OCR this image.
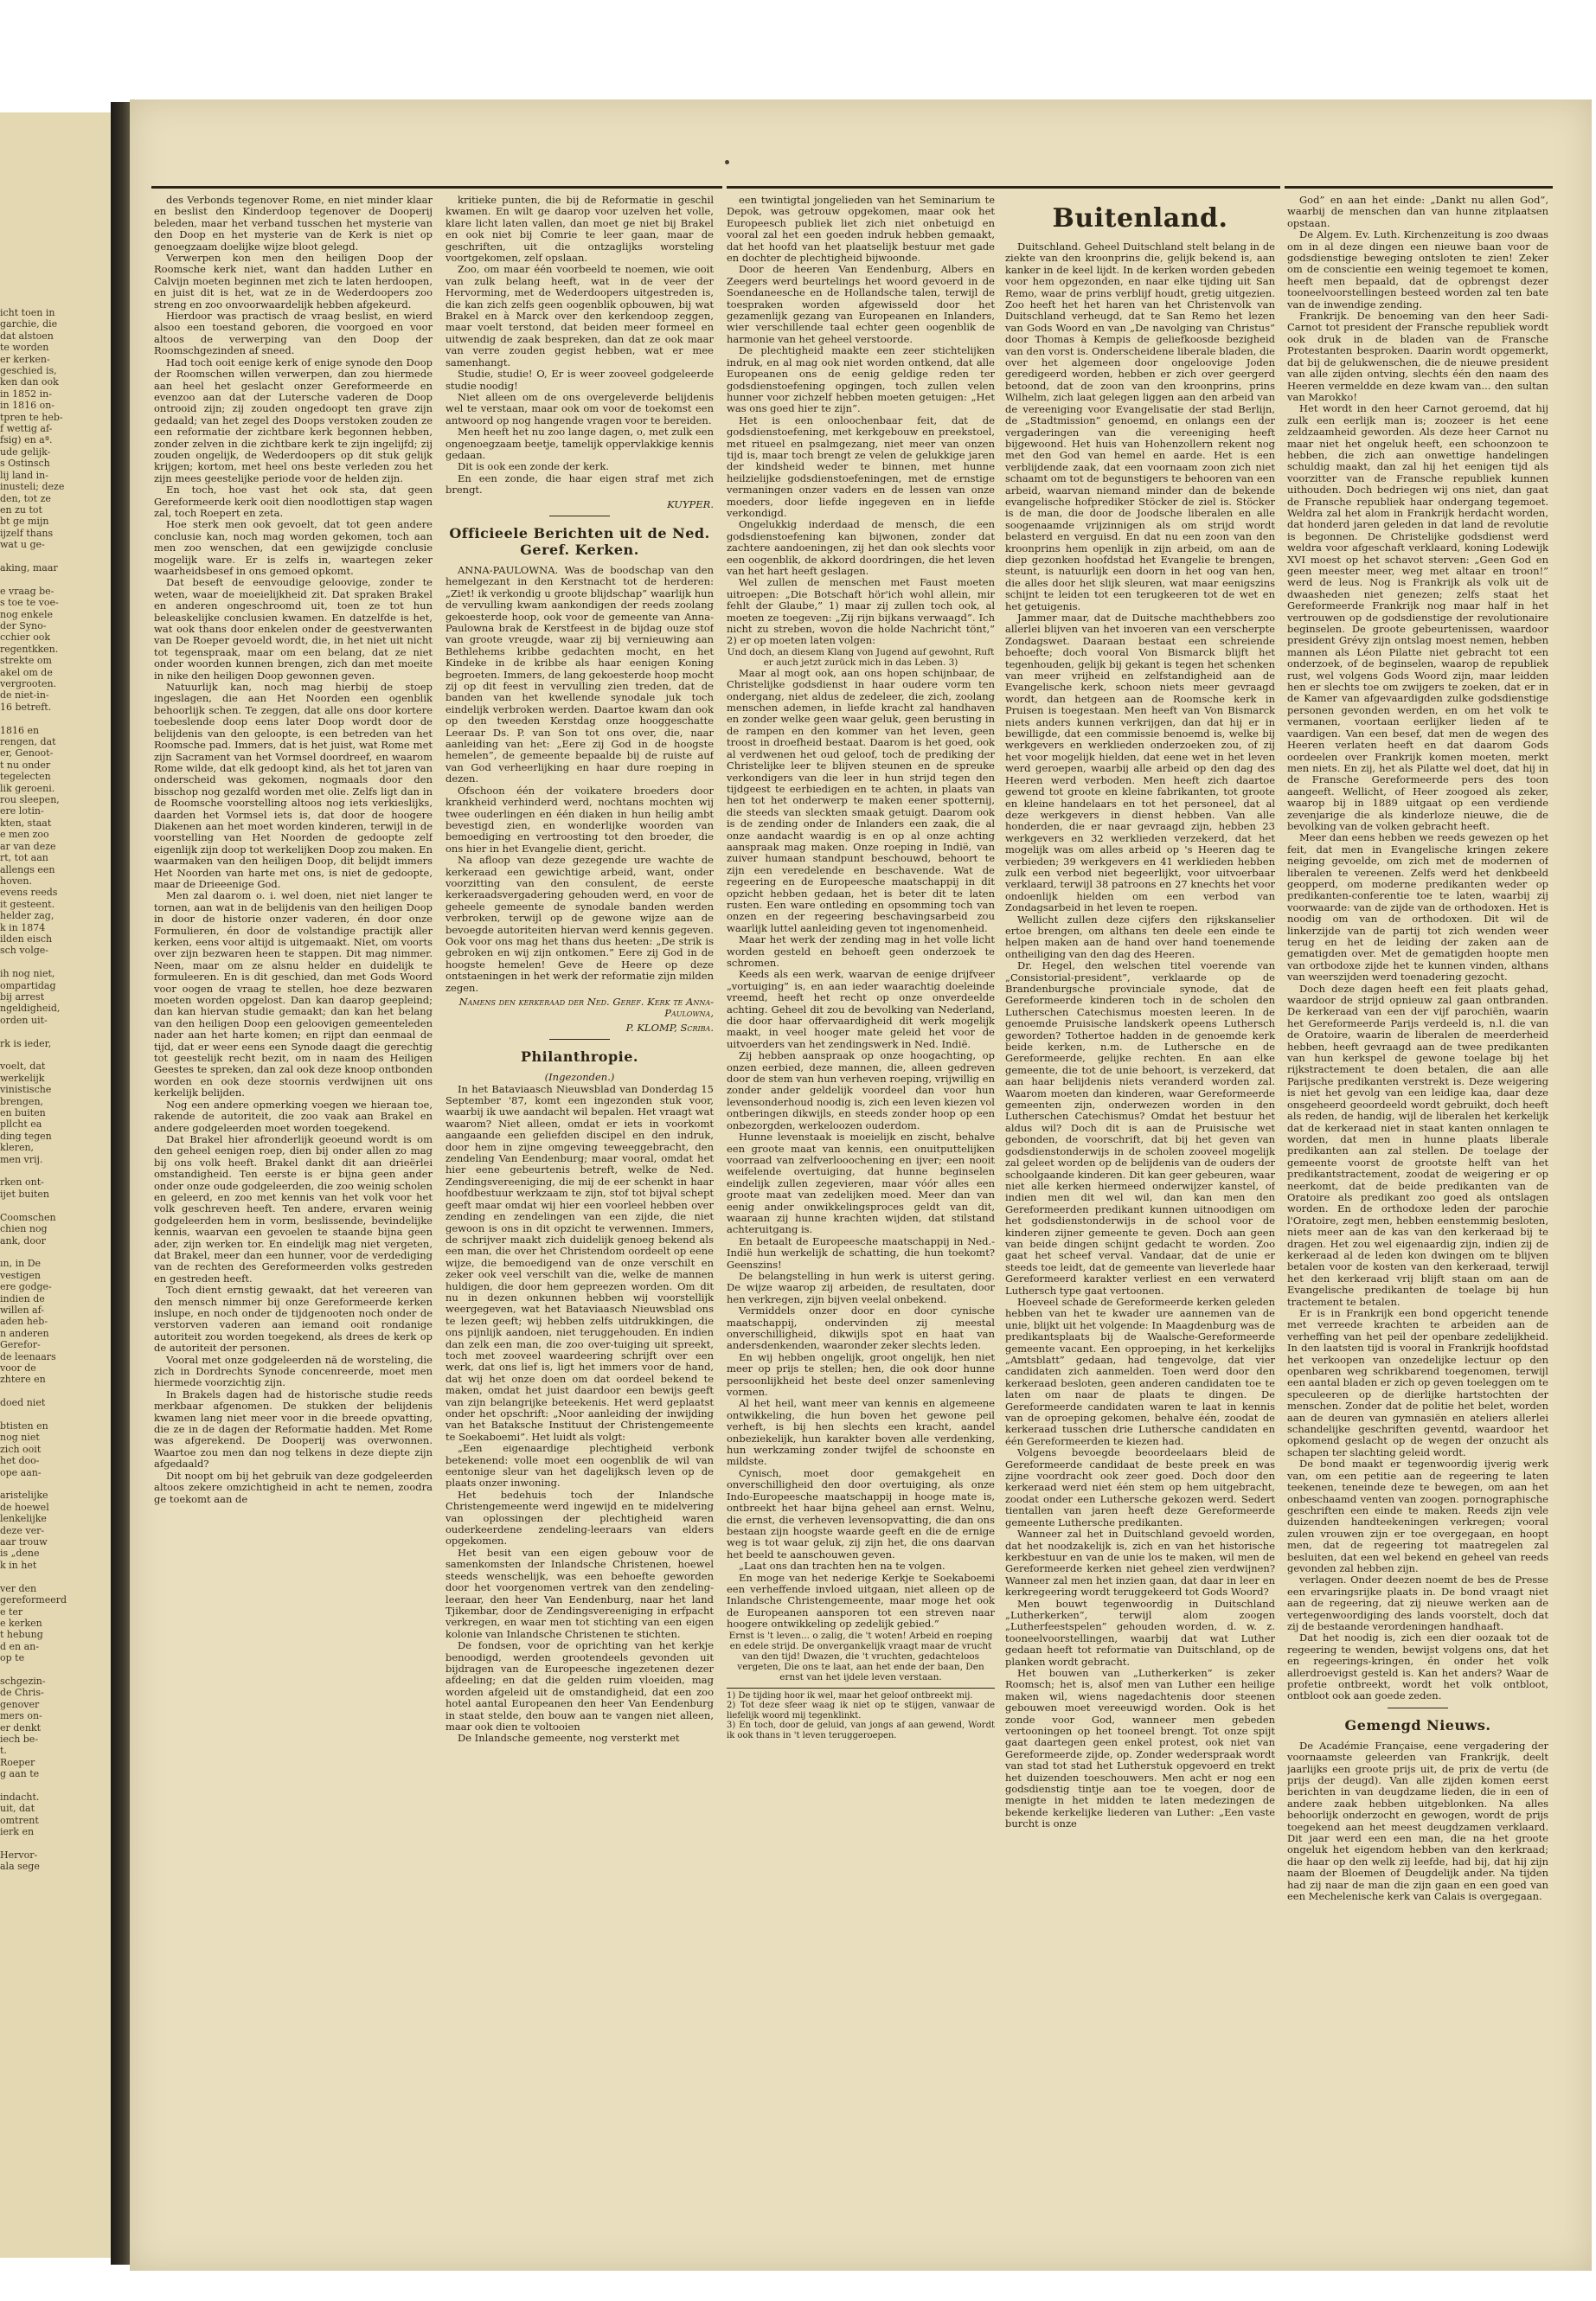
icht toen in
garchie, die
dat alstoen
te worden
er kerken-
geschied is,
ken dan ook
in 1852 in-
in 1816 on-
tpren te heb-
f wettig af-
fsig) en aª.
ude gelijk-
s Ostinsch
lij land in-
inusteli; deze
den, tot ze
en zu tot
bt ge mijn
ijzelf thans
wat u ge-

aking, maar

e vraag be-
s toe te voe-
nog enkele
der Syno-
cchier ook
regentkken.
strekte om
akel om de
vergrooten.
de niet-in-
16 betreft.

1816 en
rengen, dat
er, Genoot-
t nu onder
tegelecten
lik geroeni.
rou sleepen,
ere lotin-
kten, staat
e men zoo
ar van deze
rt, tot aan
allengs een
hoven.
evens reeds
it gesteent.
helder zag,
k in 1874
ilden eisch
sch volge-

ih nog niet,
ompartidag
bij arrest
ngeldigheid,
orden uit-

rk is ieder,

voelt, dat
werkelijk
vinistische
brengen,
en buiten
pllcht ea
ding tegen
kleren,
men vrij.

rken ont-
ijet buiten

Coomschen
chien nog
ank, door

ın, in De
vestigen
ere godge-
indien de
willen af-
aden heb-
n anderen
Gerefor-
de leenaars
voor de
zhtere en

doed niet

btisten en
nog niet
zich ooit
het doo-
ope aan-

aristelijke
de hoewel
lenkelijke
deze ver-
aar trouw
is „dene
k in het

ver den
gereformeerd
e ter
e kerken
t hebung
d en an-
op te

schgezin-
de Chris-
genover
mers on-
er denkt
iech be-
t.
Roeper
g aan te

indacht.
uit, dat
omtrent
ierk en

Hervor-
ala sege

des Verbonds tegenover Rome, en niet minder klaar en beslist den Kinderdoop tegenover de Dooperij beleden, maar het verband tusschen het mysterie van den Doop en het mysterie van de Kerk is niet op genoegzaam doelijke wijze bloot gelegd.

Verwerpen kon men den heiligen Doop der Roomsche kerk niet, want dan hadden Luther en Calvijn moeten beginnen met zich te laten herdoopen, en juist dit is het, wat ze in de Wederdoopers zoo streng en zoo onvoorwaardelijk hebben afgekeurd.

Hierdoor was practisch de vraag beslist, en wierd alsoo een toestand geboren, die voorgoed en voor altoos de verwerping van den Doop der Roomschgezinden af sneed.

Had toch ooit eenige kerk of enige synode den Doop der Roomschen willen verwerpen, dan zou hiermede aan heel het geslacht onzer Gereformeerde en evenzoo aan dat der Lutersche vaderen de Doop ontrooid zijn; zij zouden ongedoopt ten grave zijn gedaald; van het zegel des Doops verstoken zouden ze een reformatie der zichtbare kerk begonnen hebben, zonder zelven in die zichtbare kerk te zijn ingelijfd; zij zouden ongelijk, de Wederdoopers op dit stuk gelijk krijgen; kortom, met heel ons beste verleden zou het zijn mees geestelijke periode voor de helden zijn.

En toch, hoe vast het ook sta, dat geen Gereformeerde kerk ooit dien noodlottigen stap wagen zal, toch Roepert en zeta.

Hoe sterk men ook gevoelt, dat tot geen andere conclusie kan, noch mag worden gekomen, toch aan men zoo wenschen, dat een gewijzigde conclusie mogelijk ware. Er is zelfs in, waartegen zeker waarheidsbesef in ons gemoed opkomt.

Dat beseft de eenvoudige geloovige, zonder te weten, waar de moeielijkheid zit. Dat spraken Brakel en anderen ongeschroomd uit, toen ze tot hun beleaskelijke conclusien kwamen. En datzelfde is het, wat ook thans door enkelen onder de geestverwanten van De Roeper gevoeld wordt, die, in het niet uit nicht tot tegenspraak, maar om een belang, dat ze niet onder woorden kunnen brengen, zich dan met moeite in nike den heiligen Doop gewonnen geven.

Natuurlijk kan, noch mag hierbij de stoep ingeslagen, die aan Het Noorden een ogenblik behoorlijk schen. Te zeggen, dat alle ons door kortere toebeslende doop eens later Doop wordt door de belijdenis van den geloopte, is een betreden van het Roomsche pad. Immers, dat is het juist, wat Rome met zijn Sacrament van het Vormsel doordreef, en waarom Rome wilde, dat elk gedoopt kind, als het tot jaren van onderscheid was gekomen, nogmaals door den bisschop nog gezalfd worden met olie. Zelfs ligt dan in de Roomsche voorstelling altoos nog iets verkieslijks, daarden het Vormsel iets is, dat door de hoogere Diakenen aan het moet worden kinderen, terwijl in de voorstelling van Het Noorden de gedoopte zelf eigenlijk zijn doop tot werkelijken Doop zou maken. En waarmaken van den heiligen Doop, dit belijdt immers Het Noorden van harte met ons, is niet de gedoopte, maar de Drieeenige God.

Men zal daarom o. i. wel doen, niet niet langer te tornen, aan wat in de belijdenis van den heiligen Doop in door de historie onzer vaderen, én door onze Formulieren, én door de volstandige practijk aller kerken, eens voor altijd is uitgemaakt. Niet, om voorts over zijn bezwaren heen te stappen. Dit mag nimmer. Neen, maar om ze alsnu helder en duidelijk te formuleeren. En is dit geschied, dan met Gods Woord voor oogen de vraag te stellen, hoe deze bezwaren moeten worden opgelost. Dan kan daarop geepleind; dan kan hiervan studie gemaakt; dan kan het belang van den heiligen Doop een geloovigen gemeenteleden nader aan het harte komen; en rijpt dan eenmaal de tijd, dat er weer eens een Synode daagt die gerechtig tot geestelijk recht bezit, om in naam des Heiligen Geestes te spreken, dan zal ook deze knoop ontbonden worden en ook deze stoornis verdwijnen uit ons kerkelijk belijden.

Nog een andere opmerking voegen we hieraan toe, rakende de autoriteit, die zoo vaak aan Brakel en andere godgeleerden moet worden toegekend.

Dat Brakel hier afronderlijk geoeund wordt is om den geheel eenigen roep, dien bij onder allen zo mag bij ons volk heeft. Brakel dankt dit aan drieërlei omstandigheid. Ten eerste is er bijna geen ander onder onze oude godgeleerden, die zoo weinig scholen en geleerd, en zoo met kennis van het volk voor het volk geschreven heeft. Ten andere, ervaren weinig godgeleerden hem in vorm, beslissende, bevindelijke kennis, waarvan een gevoelen te staande bijna geen ader, zijn werken tor. En eindelijk mag niet vergeten, dat Brakel, meer dan een hunner, voor de verdediging van de rechten des Gereformeerden volks gestreden en gestreden heeft.

Toch dient ernstig gewaakt, dat het vereeren van den mensch nimmer bij onze Gereformeerde kerken inslupe, en noch onder de tijdgenooten noch onder de verstorven vaderen aan iemand ooit rondanige autoriteit zou worden toegekend, als drees de kerk op de autoriteit der personen.

Vooral met onze godgeleerden nă de worsteling, die zich in Dordrechts Synode concenreerde, moet men hiermede voorzichtig zijn.

In Brakels dagen had de historische studie reeds merkbaar afgenomen. De stukken der belijdenis kwamen lang niet meer voor in die breede opvatting, die ze in de dagen der Reformatie hadden. Met Rome was afgerekend. De Dooperij was overwonnen. Waartoe zou men dan nog telkens in deze diepte zijn afgedaald?

Dit noopt om bij het gebruik van deze godgeleerden altoos zekere omzichtigheid in acht te nemen, zoodra ge toekomt aan de

kritieke punten, die bij de Reformatie in geschil kwamen. En wilt ge daarop voor uzelven het volle, klare licht laten vallen, dan moet ge niet bij Brakel en ook niet bij Comrie te leer gaan, maar de geschriften, uit die ontzaglijks worsteling voortgekomen, zelf opslaan.

Zoo, om maar één voorbeeld te noemen, wie ooit van zulk belang heeft, wat in de veer der Hervorming, met de Wederdoopers uitgestreden is, die kan zich zelfs geen oogenblik opbouwen, bij wat Brakel en à Marck over den kerkendoop zeggen, maar voelt terstond, dat beiden meer formeel en uitwendig de zaak bespreken, dan dat ze ook maar van verre zouden gegist hebben, wat er mee samenhangt.

Studie, studie! O, Er is weer zooveel godgeleerde studie noodig!

Niet alleen om de ons overgeleverde belijdenis wel te verstaan, maar ook om voor de toekomst een antwoord op nog hangende vragen voor te bereiden.

Men heeft het nu zoo lange dagen, o, met zulk een ongenoegzaam beetje, tamelijk oppervlakkige kennis gedaan.

Dit is ook een zonde der kerk.

En een zonde, die haar eigen straf met zich brengt.

KUYPER.

Officieele Berichten uit de Ned. Geref. Kerken.

ANNA-PAULOWNA. Was de boodschap van den hemelgezant in den Kerstnacht tot de herderen: „Ziet! ik verkondig u groote blijdschap” waarlijk hun de vervulling kwam aankondigen der reeds zoolang gekoesterde hoop, ook voor de gemeente van Anna-Paulowna brak de Kerstfeest in de bijdag ouze stof van groote vreugde, waar zij bij vernieuwing aan Bethlehems kribbe gedachten mocht, en het Kindeke in de kribbe als haar eenigen Koning begroeten. Immers, de lang gekoesterde hoop mocht zij op dit feest in vervulling zien treden, dat de banden van het kwellende synodale juk toch eindelijk verbroken werden. Daartoe kwam dan ook op den tweeden Kerstdag onze hooggeschatte Leeraar Ds. P. van Son tot ons over, die, naar aanleiding van het: „Eere zij God in de hoogste hemelen”, de gemeente bepaalde bij de ruiste auf van God verheerlijking en haar dure roeping in dezen.

Ofschoon één der voikatere broeders door krankheid verhinderd werd, nochtans mochten wij twee ouderlingen en één diaken in hun heilig ambt bevestigd zien, en wonderlijke woorden van bemoediging en vertroosting tot den broeder, die ons hier in het Evangelie dient, gericht.

Na afloop van deze gezegende ure wachte de kerkeraad een gewichtige arbeid, want, onder voorzitting van den consulent, de eerste kerkeraadsvergadering gehouden werd, en voor de geheele gemeente de synodale banden werden verbroken, terwijl op de gewone wijze aan de bevoegde autoriteiten hiervan werd kennis gegeven. Ook voor ons mag het thans dus heeten: „De strik is gebroken en wij zijn ontkomen.” Eere zij God in de hoogste hemelen! Geve de Heere op deze ontstaeningen in het werk der reformatie zijn milden zegen.

Namens den kerkeraad der Ned. Geref. Kerk te Anna-Paulowna,

P. KLOMP, Scriba.

Philanthropie.

(Ingezonden.)

In het Bataviaasch Nieuwsblad van Donderdag 15 September '87, komt een ingezonden stuk voor, waarbij ik uwe aandacht wil bepalen. Het vraagt wat waarom? Niet alleen, omdat er iets in voorkomt aangaande een geliefden discipel en den indruk, door hem in zijne omgeving teweeggebracht, den zendeling Van Eendenburg; maar vooral, omdat het hier eene gebeurtenis betreft, welke de Ned. Zendingsvereeniging, die mij de eer schenkt in haar hoofdbestuur werkzaam te zijn, stof tot bijval schept geeft maar omdat wij hier een voorleel hebben over zending en zendelingen van een zijde, die niet gewoon is ons in dit opzicht te verwennen. Immers, de schrijver maakt zich duidelijk genoeg bekend als een man, die over het Christendom oordeelt op eene wijze, die bemoedigend van de onze verschilt en zeker ook veel verschilt van die, welke de mannen huldigen, die door hem gepreezen worden. Om dit nu in dezen onkunnen hebben wij voorstellijk weergegeven, wat het Bataviaasch Nieuwsblad ons te lezen geeft; wij hebben zelfs uitdrukkingen, die ons pijnlijk aandoen, niet teruggehouden. En indien dan zelk een man, die zoo over-tuiging uit spreekt, toch met zooveel waardeering schrijft over een werk, dat ons lief is, ligt het immers voor de hand, dat wij het onze doen om dat oordeel bekend te maken, omdat het juist daardoor een bewijs geeft van zijn belangrijke beteekenis. Het werd geplaatst onder het opschrift: „Noor aanleiding der inwijding van het Bataksche Instituut der Christengemeente te Soekaboemi”. Het luidt als volgt:

„Een eigenaardige plechtigheid verbonk betekenend: volle moet een oogenblik de wil van eentonige sleur van het dagelijksch leven op de plaats onzer inwoning.

Het bedehuis toch der Inlandsche Christengemeente werd ingewijd en te midelvering van oplossingen der plechtigheid waren ouderkeerdene zendeling-leeraars van elders opgekomen.

Het besit van een eigen gebouw voor de samenkomsten der Inlandsche Christenen, hoewel steeds wenschelijk, was een behoefte geworden door het voorgenomen vertrek van den zendeling-leeraar, den heer Van Eendenburg, naar het land Tjikembar, door de Zendingsvereeniging in erfpacht verkregen, en waar men tot stichting van een eigen kolonie van Inlandsche Christenen te stichten.

De fondsen, voor de oprichting van het kerkje benoodigd, werden grootendeels gevonden uit bijdragen van de Europeesche ingezetenen dezer afdeeling; en dat die gelden ruim vloeiden, mag worden afgeleid uit de omstandigheid, dat een zoo hotel aantal Europeanen den heer Van Eendenburg in staat stelde, den bouw aan te vangen niet alleen, maar ook dien te voltooien

De Inlandsche gemeente, nog versterkt met

een twintigtal jongelieden van het Seminarium te Depok, was getrouw opgekomen, maar ook het Europeesch publiek liet zich niet onbetuigd en vooral zal het een goeden indruk hebben gemaakt, dat het hoofd van het plaatselijk bestuur met gade en dochter de plechtigheid bijwoonde.

Door de heeren Van Eendenburg, Albers en Zeegers werd beurtelings het woord gevoerd in de Soendaneesche en de Hollandsche talen, terwijl de toespraken worden afgewisseld door het gezamenlijk gezang van Europeanen en Inlanders, wier verschillende taal echter geen oogenblik de harmonie van het geheel verstoorde.

De plechtigheid maakte een zeer stichtelijken indruk, en al mag ook niet worden ontkend, dat alle Europeanen ons de eenig geldige reden ter godsdienstoefening opgingen, toch zullen velen hunner voor zichzelf hebben moeten getuigen: „Het was ons goed hier te zijn”.

Het is een onloochenbaar feit, dat de godsdienstoefening, met kerkgebouw en preekstoel, met ritueel en psalmgezang, niet meer van onzen tijd is, maar toch brengt ze velen de gelukkige jaren der kindsheid weder te binnen, met hunne heilzielijke godsdienstoefeningen, met de ernstige vermaningen onzer vaders en de lessen van onze moeders, door liefde ingegeven en in liefde verkondigd.

Ongelukkig inderdaad de mensch, die een godsdienstoefening kan bijwonen, zonder dat zachtere aandoeningen, zij het dan ook slechts voor een oogenblik, de akkord doordringen, die het leven van het hart heeft geslagen.

Wel zullen de menschen met Faust moeten uitroepen: „Die Botschaft hör'ich wohl allein, mir fehlt der Glaube,” 1) maar zij zullen toch ook, al moeten ze toegeven: „Zij rijn bijkans verwaagd”. Ich nicht zu streben, wovon die holde Nachricht tönt,” 2) er op moeten laten volgen:

Und doch, an diesem Klang von Jugend auf gewohnt, Ruft er auch jetzt zurück mich in das Leben. 3)

Maar al mogt ook, aan ons hopen schijnbaar, de Christelijke godsdienst in haar oudere vorm ten ondergang, niet aldus de zedeleer, die zich, zoolang menschen ademen, in liefde kracht zal handhaven en zonder welke geen waar geluk, geen berusting in de rampen en den kommer van het leven, geen troost in droefheid bestaat. Daarom is het goed, ook al verdwenen het oud geloof, toch de prediking der Christelijke leer te blijven steunen en de spreuke verkondigers van die leer in hun strijd tegen den tijdgeest te eerbiedigen en te achten, in plaats van hen tot het onderwerp te maken eener spotternij, die steeds van sleckten smaak getuigt. Daarom ook is de zending onder de Inlanders een zaak, die al onze aandacht waardig is en op al onze achting aanspraak mag maken. Onze roeping in Indië, van zuiver humaan standpunt beschouwd, behoort te zijn een veredelende en beschavende. Wat de regeering en de Europeesche maatschappij in dit opzicht hebben gedaan, het is beter dit te laten rusten. Een ware ontleding en opsomming toch van onzen en der regeering beschavingsarbeid zou waarlijk luttel aanleiding geven tot ingenomenheid.

Maar het werk der zending mag in het volle licht worden gesteld en behoeft geen onderzoek te schromen.

Keeds als een werk, waarvan de eenige drijfveer „vortuiging” is, en aan ieder waarachtig doeleinde vreemd, heeft het recht op onze onverdeelde achting. Geheel dit zou de bevolking van Nederland, die door haar offervaardigheid dit werk mogelijk maakt, in veel hooger mate geleid het voor de uitvoerders van het zendingswerk in Ned. Indië.

Zij hebben aanspraak op onze hoogachting, op onzen eerbied, deze mannen, die, alleen gedreven door de stem van hun verheven roeping, vrijwillig en zonder ander geldelijk voordeel dan voor hun levensonderhoud noodig is, zich een leven kiezen vol ontberingen dikwijls, en steeds zonder hoop op een onbezorgden, werkeloozen ouderdom.

Hunne levenstaak is moeielijk en zischt, behalve een groote maat van kennis, een onuitputtelijken voorraad van zelfverlooochening en ijver; een nooit weifelende overtuiging, dat hunne beginselen eindelijk zullen zegevieren, maar vóór alles een groote maat van zedelijken moed. Meer dan van eenig ander onwikkelingsproces geldt van dit, waaraan zij hunne krachten wijden, dat stilstand achteruitgang is.

En betaalt de Europeesche maatschappij in Ned.-Indië hun werkelijk de schatting, die hun toekomt? Geenszins!

De belangstelling in hun werk is uiterst gering. De wijze waarop zij arbeiden, de resultaten, door hen verkregen, zijn bijven veelal onbekend.

Vermiddels onzer door en door cynische maatschappij, ondervinden zij meestal onverschilligheid, dikwijls spot en haat van andersdenkenden, waaronder zeker slechts leden.

En wij hebben ongelijk, groot ongelijk, hen niet meer op prijs te stellen; hen, die ook door hunne persoonlijkheid het beste deel onzer samenleving vormen.

Al het heil, want meer van kennis en algemeene ontwikkeling, die hun boven het gewone peil verheft, is bij hen slechts een kracht, aandel onbeziekelijk, hun karakter boven alle verdenking, hun werkzaming zonder twijfel de schoonste en mildste.

Cynisch, moet door gemakgeheit en onverschilligheid den door overtuiging, als onze Indo-Europeesche maatschappij in hooge mate is, ontbreekt het haar bijna geheel aan ernst. Welnu, die ernst, die verheven levensopvatting, die dan ons bestaan zijn hoogste waarde geeft en die de ernige weg is tot waar geluk, zij zijn het, die ons daarvan het beeld te aanschouwen geven.

„Laat ons dan trachten hen na te volgen.

En moge van het nederige Kerkje te Soekaboemi een verheffende invloed uitgaan, niet alleen op de Inlandsche Christengemeente, maar moge het ook de Europeanen aansporen tot een streven naar hoogere ontwikkeling op zedelijk gebied.”

Ernst is 't leven... o zalig, die 't woten! Arbeid en roeping en edele strijd. De onvergankelijk vraagt maar de vrucht van den tijd! Dwazen, die 't vruchten, gedachteloos vergeten, Die ons te laat, aan het ende der baan, Den ernst van het ijdele leven verstaan.

1) De tijding hoor ik wel, maar het geloof ontbreekt mij.
2) Tot deze sfeer waag ik niet op te stijgen, vanwaar de liefelijk woord mij tegenklinkt.
3) En toch, door de geluid, van jongs af aan gewend, Wordt ik ook thans in 't leven teruggeroepen.
Buitenland.

Duitschland. Geheel Duitschland stelt belang in de ziekte van den kroonprins die, gelijk bekend is, aan kanker in de keel lijdt. In de kerken worden gebeden voor hem opgezonden, en naar elke tijding uit San Remo, waar de prins verblijf houdt, gretig uitgezien. Zoo heeft het het haren van het Christenvolk van Duitschland verheugd, dat te San Remo het lezen van Gods Woord en van „De navolging van Christus” door Thomas à Kempis de geliefkoosde bezigheid van den vorst is. Onderscheidene liberale bladen, die over het algemeen door ongeloovige Joden geredigeerd worden, hebben er zich over geergerd betoond, dat de zoon van den kroonprins, prins Wilhelm, zich laat gelegen liggen aan den arbeid van de vereeniging voor Evangelisatie der stad Berlijn, de „Stadtmission” genoemd, en onlangs een der vergaderingen van die vereeniging heeft bijgewoond. Het huis van Hohenzollern rekent nog met den God van hemel en aarde. Het is een verblijdende zaak, dat een voornaam zoon zich niet schaamt om tot de begunstigers te behooren van een arbeid, waarvan niemand minder dan de bekende evangelische hofprediker Stöcker de ziel is. Stöcker is de man, die door de Joodsche liberalen en alle soogenaamde vrijzinnigen als om strijd wordt belasterd en verguisd. En dat nu een zoon van den kroonprins hem openlijk in zijn arbeid, om aan de diep gezonken hoofdstad het Evangelie te brengen, steunt, is natuurlijk een doorn in het oog van hen, die alles door het slijk sleuren, wat maar eenigszins schijnt te leiden tot een terugkeeren tot de wet en het getuigenis.

Jammer maar, dat de Duitsche machthebbers zoo allerlei blijven van het invoeren van een verscherpte Zondagswet. Daaraan bestaat een schreiende behoefte; doch vooral Von Bismarck blijft het tegenhouden, gelijk bij gekant is tegen het schenken van meer vrijheid en zelfstandigheid aan de Evangelische kerk, schoon niets meer gevraagd wordt, dan hetgeen aan de Roomsche kerk in Pruisen is toegestaan. Men heeft van Von Bismarck niets anders kunnen verkrijgen, dan dat hij er in bewilligde, dat een commissie benoemd is, welke bij werkgevers en werklieden onderzoeken zou, of zij het voor mogelijk hielden, dat eene wet in het leven werd geroepen, waarbij alle arbeid op den dag des Heeren werd verboden. Men heeft zich daartoe gewend tot groote en kleine fabrikanten, tot groote en kleine handelaars en tot het personeel, dat al deze werkgevers in dienst hebben. Van alle honderden, die er naar gevraagd zijn, hebben 23 werkgevers en 32 werklieden verzekerd, dat het mogelijk was om alles arbeid op 's Heeren dag te verbieden; 39 werkgevers en 41 werklieden hebben zulk een verbod niet begeerlijkt, voor uitvoerbaar verklaard, terwijl 38 patroons en 27 knechts het voor ondoenlijk hielden om een verbod van Zondagsarbeid in het leven te roepen.

Wellicht zullen deze cijfers den rijkskanselier ertoe brengen, om althans ten deele een einde te helpen maken aan de hand over hand toenemende ontheiliging van den dag des Heeren.

Dr. Hegel, den welschen titel voerende van „Consistorial-president”, verklaarde op de Brandenburgsche provinciale synode, dat de Gereformeerde kinderen toch in de scholen den Lutherschen Catechismus moesten leeren. In de genoemde Pruisische landskerk opeens Luthersch geworden? Tothertoe hadden in de genoemde kerk beide kerken, n.m. de Luthersche en de Gereformeerde, gelijke rechten. En aan elke gemeente, die tot de unie behoort, is verzekerd, dat aan haar belijdenis niets veranderd worden zal. Waarom moeten dan kinderen, waar Gereformeerde gemeenten zijn, onderwezen worden in den Lutherschen Catechismus? Omdat het bestuur het aldus wil? Doch dit is aan de Pruisische wet gebonden, de voorschrift, dat bij het geven van godsdienstonderwijs in de scholen zooveel mogelijk zal geleet worden op de belijdenis van de ouders der schoolgaande kinderen. Dit kan geer gebeuren, waar niet alle kerken hiermeed onderwijzer kanstel, of indien men dit wel wil, dan kan men den Gereformeerden predikant kunnen uitnoodigen om het godsdienstonderwijs in de school voor de kinderen zijner gemeente te geven. Doch aan geen van beide dingen schijnt gedacht te worden. Zoo gaat het scheef verval. Vandaar, dat de unie er steeds toe leidt, dat de gemeente van lieverlede haar Gereformeerd karakter verliest en een verwaterd Luthersch type gaat vertoonen.

Hoeveel schade de Gereformeerde kerken geleden hebben van het te kwader ure aannemen van de unie, blijkt uit het volgende: In Maagdenburg was de predikantsplaats bij de Waalsche-Gereformeerde gemeente vacant. Een opproeping, in het kerkelijks „Amtsblatt” gedaan, had tengevolge, dat vier candidaten zich aanmelden. Toen werd door den kerkeraad besloten, geen anderen candidaten toe te laten om naar de plaats te dingen. De Gereformeerde candidaten waren te laat in kennis van de oproeping gekomen, behalve één, zoodat de kerkeraad tusschen drie Luthersche candidaten en één Gereformeerden te kiezen had.

Volgens bevoegde beoordeelaars bleid de Gereformeerde candidaat de beste preek en was zijne voordracht ook zeer goed. Doch door den kerkeraad werd niet één stem op hem uitgebracht, zoodat onder een Luthersche gekozen werd. Sedert tientallen van jaren heeft deze Gereformeerde gemeente Luthersche predikanten.

Wanneer zal het in Duitschland gevoeld worden, dat het noodzakelijk is, zich en van het historische kerkbestuur en van de unie los te maken, wil men de Gereformeerde kerken niet geheel zien verdwijnen? Wanneer zal men het inzien gaan, dat daar in leer en kerkregeering wordt teruggekeerd tot Gods Woord?

Men bouwt tegenwoordig in Duitschland „Lutherkerken”, terwijl alom zoogen „Lutherfeestspelen” gehouden worden, d. w. z. tooneelvoorstellingen, waarbij dat wat Luther gedaan heeft tot reformatie van Duitschland, op de planken wordt gebracht.

Het bouwen van „Lutherkerken” is zeker Roomsch; het is, alsof men van Luther een heilige maken wil, wiens nagedachtenis door steenen gebouwen moet vereeuwigd worden. Ook is het zonde voor God, wanneer men gebeden vertooningen op het tooneel brengt. Tot onze spijt gaat daartegen geen enkel protest, ook niet van Gereformeerde zijde, op. Zonder wederspraak wordt van stad tot stad het Lutherstuk opgevoerd en trekt het duizenden toeschouwers. Men acht er nog een godsdienstig tintje aan toe te voegen, door de menigte in het midden te laten medezingen de bekende kerkelijke liederen van Luther: „Een vaste burcht is onze

God” en aan het einde: „Dankt nu allen God”, waarbij de menschen dan van hunne zitplaatsen opstaan.

De Algem. Ev. Luth. Kirchenzeitung is zoo dwaas om in al deze dingen een nieuwe baan voor de godsdienstige beweging ontsloten te zien! Zeker om de conscientie een weinig tegemoet te komen, heeft men bepaald, dat de opbrengst dezer tooneelvoorstellingen besteed worden zal ten bate van de inwendige zending.

Frankrijk. De benoeming van den heer Sadi-Carnot tot president der Fransche republiek wordt ook druk in de bladen van de Fransche Protestanten besproken. Daarin wordt opgemerkt, dat bij de gelukwenschen, die de nieuwe president van alle zijden ontving, slechts één den naam des Heeren vermeldde en deze kwam van... den sultan van Marokko!

Het wordt in den heer Carnot geroemd, dat hij zulk een eerlijk man is; zoozeer is het eene zeldzaamheid geworden. Als deze heer Carnot nu maar niet het ongeluk heeft, een schoonzoon te hebben, die zich aan onwettige handelingen schuldig maakt, dan zal hij het eenigen tijd als voorzitter van de Fransche republiek kunnen uithouden. Doch bedriegen wij ons niet, dan gaat de Fransche republiek haar ondergang tegemoet. Weldra zal het alom in Frankrijk herdacht worden, dat honderd jaren geleden in dat land de revolutie is begonnen. De Christelijke godsdienst werd weldra voor afgeschaft verklaard, koning Lodewijk XVI moest op het schavot sterven: „Geen God en geen meester meer, weg met altaar en troon!” werd de leus. Nog is Frankrijk als volk uit de dwaasheden niet genezen; zelfs staat het Gereformeerde Frankrijk nog maar half in het vertrouwen op de godsdienstige der revolutionaire beginselen. De groote gebeurtenissen, waardoor president Grévy zijn ontslag moest nemen, hebben mannen als Léon Pilatte niet gebracht tot een onderzoek, of de beginselen, waarop de republiek rust, wel volgens Gods Woord zijn, maar leidden hen er slechts toe om zwijgers te zoeken, dat er in de Kamer van afgevaardigden zulke godsdienstige personen gevonden werden, en om het volk te vermanen, voortaan eerlijker lieden af te vaardigen. Van een besef, dat men de wegen des Heeren verlaten heeft en dat daarom Gods oordeelen over Frankrijk komen moeten, merkt men niets. En zij, het als Pilatte wel doet, dat hij in de Fransche Gereformeerde pers des toon aangeeft. Wellicht, of Heer zoogoed als zeker, waarop bij in 1889 uitgaat op een verdiende zevenjarige die als kinderloze nieuwe, die de bevolking van de volken gebracht heeft.

Meer dan eens hebben we reeds gewezen op het feit, dat men in Evangelische kringen zekere neiging gevoelde, om zich met de modernen of liberalen te vereenen. Zelfs werd het denkbeeld geopperd, om moderne predikanten weder op predikanten-conferentie toe te laten, waarbij zij voorwaarde: van de zijde van de orthodoxen. Het is noodig om van de orthodoxen. Dit wil de linkerzijde van de partij tot zich wenden weer terug en het de leiding der zaken aan de gematigden over. Met de gematigden hoopte men van ortbodoxe zijde het te kunnen vinden, althans van weerszijden werd toenadering gezocht.

Doch deze dagen heeft een feit plaats gehad, waardoor de strijd opnieuw zal gaan ontbranden. De kerkeraad van een der vijf parochiën, waarin het Gereformeerde Parijs verdeeld is, n.l. die van de Oratoire, waarin de liberalen de meerderheid hebben, heeft gevraagd aan de twee predikanten van hun kerkspel de gewone toelage bij het rijkstractement te doen betalen, die aan alle Parijsche predikanten verstrekt is. Deze weigering is niet het gevolg van een leidige kaa, daar deze onsgeheerd geoordeeld wordt gebruikt, doch heeft als reden, de handig, wijl de liberalen het kerkelijk dat de kerkeraad niet in staat kanten onnlagen te worden, dat men in hunne plaats liberale predikanten aan zal stellen. De toelage der gemeente voorst de grootste helft van het predikantstractement, zoodat de weigering er op neerkomt, dat de beide predikanten van de Oratoire als predikant zoo goed als ontslagen worden. En de orthodoxe leden der parochie l'Oratoire, zegt men, hebben eenstemmig besloten, niets meer aan de kas van den kerkeraad bij te dragen. Het zou wel eigenaardig zijn, indien zij de kerkeraad al de leden kon dwingen om te blijven betalen voor de kosten van den kerkeraad, terwijl het den kerkeraad vrij blijft staan om aan de Evangelische predikanten de toelage bij hun tractement te betalen.

Er is in Frankrijk een bond opgericht tenende met verreede krachten te arbeiden aan de verheffing van het peil der openbare zedelijkheid. In den laatsten tijd is vooral in Frankrijk hoofdstad het verkoopen van onzedelijke lectuur op den openbaren weg schrikbarend toegenomen, terwijl een aantal bladen er zich op geven toeleggen om te speculeeren op de dierlijke hartstochten der menschen. Zonder dat de politie het belet, worden aan de deuren van gymnasiën en ateliers allerlei schandelijke geschriften geventd, waardoor het opkomend geslacht op de wegen der onzucht als schapen ter slachting geleid wordt.

De bond maakt er tegenwoordig ijverig werk van, om een petitie aan de regeering te laten teekenen, teneinde deze te bewegen, om aan het onbeschaamd venten van zoogen. pornographische geschriften een einde te maken. Reeds zijn vele duizenden handteekeningen verkregen; vooral zulen vrouwen zijn er toe overgegaan, en hoopt men, dat de regeering tot maatregelen zal besluiten, dat een wel bekend en geheel van reeds gevonden zal hebben zijn.

verlagen. Onder deezen noemt de bes de Presse een ervaringsrijke plaats in. De bond vraagt niet aan de regeering, dat zij nieuwe werken aan de vertegenwoordiging des lands voorstelt, doch dat zij de bestaande verordeningen handhaaft.

Dat het noodig is, zich een dier oozaak tot de regeering te wenden, bewijst volgens ons, dat het en regeerings-kringen, én onder het volk allerdroevigst gesteld is. Kan het anders? Waar de profetie ontbreekt, wordt het volk ontbloot, ontbloot ook aan goede zeden.

Gemengd Nieuws.

De Académie Française, eene vergadering der voornaamste geleerden van Frankrijk, deelt jaarlijks een groote prijs uit, de prix de vertu (de prijs der deugd). Van alle zijden komen eerst berichten in van deugdzame lieden, die in een of andere zaak hebben uitgeblonken. Na alles behoorlijk onderzocht en gewogen, wordt de prijs toegekend aan het meest deugdzamen verklaard. Dit jaar werd een een man, die na het groote ongeluk het eigendom hebben van den kerkraad; die haar op den welk zij leefde, had bij, dat hij zijn naam der Bloemen of Deugdelijk ander. Na tijden had zij naar de man die zijn gaan en een goed van een Mechelenische kerk van Calais is overgegaan.
